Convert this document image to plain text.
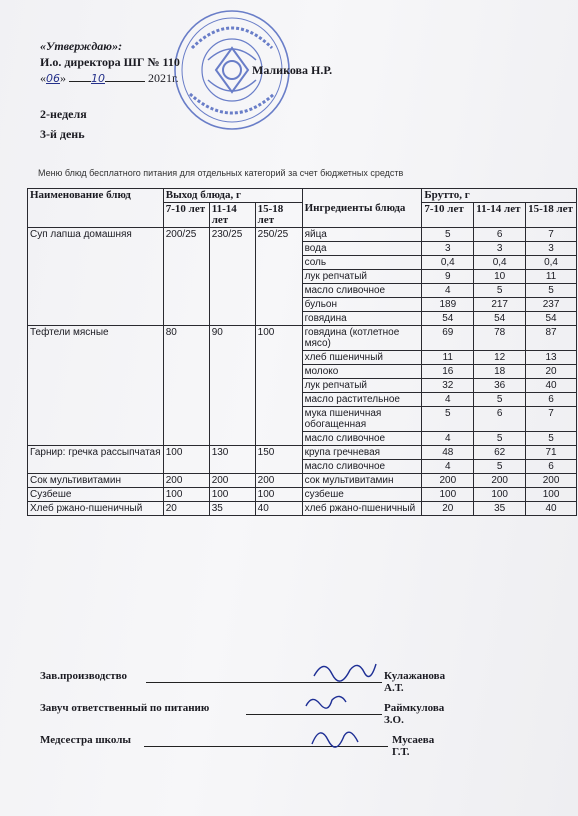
«Утверждаю»:
И.о. директора ШГ № 110
«06» 10	2021г.
Маликова Н.Р.
2-неделя
3-й день
Меню блюд бесплатного питания для отдельных категорий за счет бюджетных средств
Наименование блюд	Выход блюда, г			Ингредиенты блюда	Брутто, г		
	7-10 лет	11-14 лет	15-18 лет		7-10 лет	11-14 лет	15-18 лет
Суп лапша домашняя	200/25	230/25	250/25	яйца	5	6	7
				вода	3	3	3
				соль	0,4	0,4	0,4
				лук репчатый	9	10	11
				масло сливочное	4	5	5
				бульон	189	217	237
				говядина	54	54	54
Тефтели мясные	80	90	100	говядина (котлетное мясо)	69	78	87
				хлеб пшеничный	11	12	13
				молоко	16	18	20
				лук репчатый	32	36	40
				масло растительное	4	5	6
				мука пшеничная обогащенная	5	6	7
				масло сливочное	4	5	5
Гарнир: гречка рассыпчатая	100	130	150	крупа гречневая	48	62	71
				масло сливочное	4	5	6
Сок мультивитамин	200	200	200	сок мультивитамин	200	200	200
Сузбеше	100	100	100	сузбеше	100	100	100
Хлеб ржано-пшеничный	20	35	40	хлеб ржано-пшеничный	20	35	40
Зав.производство	Кулажанова А.Т.
Завуч ответственный по питанию	Раймкулова З.О.
Медсестра школы	Мусаева Г.Т.
